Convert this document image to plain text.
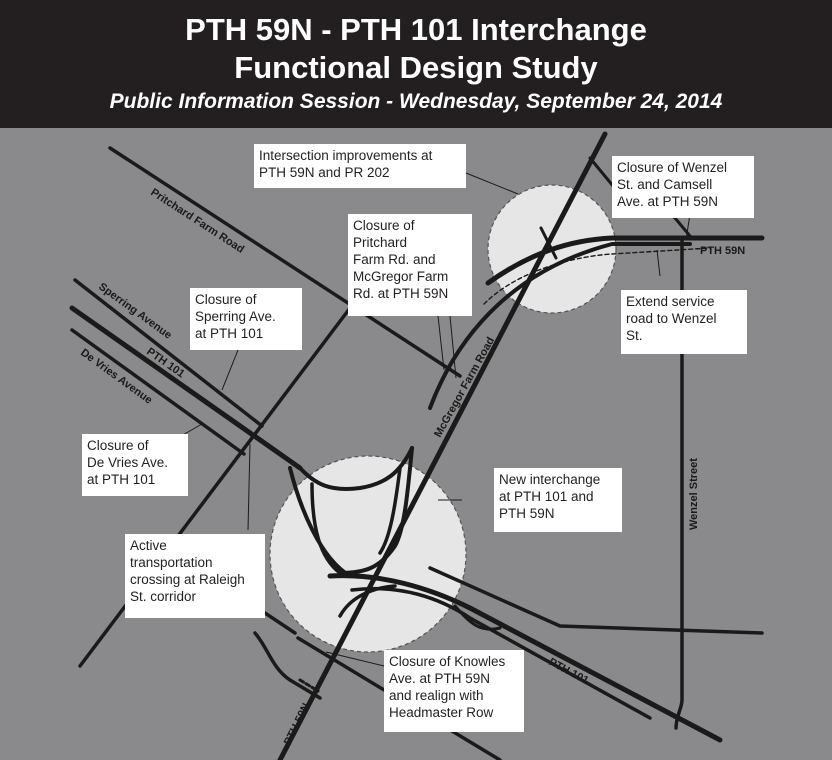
PTH 59N - PTH 101 Interchange
Functional Design Study
Public Information Session - Wednesday, September 24, 2014
Pritchard Farm Road
Sperring Avenue
PTH 101
De Vries Avenue	McGregor Farm Road
PTH 59N
Wenzel Street
PTH 101
PTH 59N
Intersection improvements at
PTH 59N and PR 202	Closure of Wenzel
St. and Camsell
Ave. at PTH 59N
Closure of
Pritchard
Farm Rd. and
McGregor Farm
Rd. at PTH 59N
Closure of
Sperring Ave.
at PTH 101
Extend service
road to Wenzel
St.
Closure of
De Vries Ave.
at PTH 101	New interchange
at PTH 101 and
PTH 59N
Active
transportation
crossing at Raleigh
St. corridor
Closure of Knowles
Ave. at PTH 59N
and realign with
Headmaster Row
